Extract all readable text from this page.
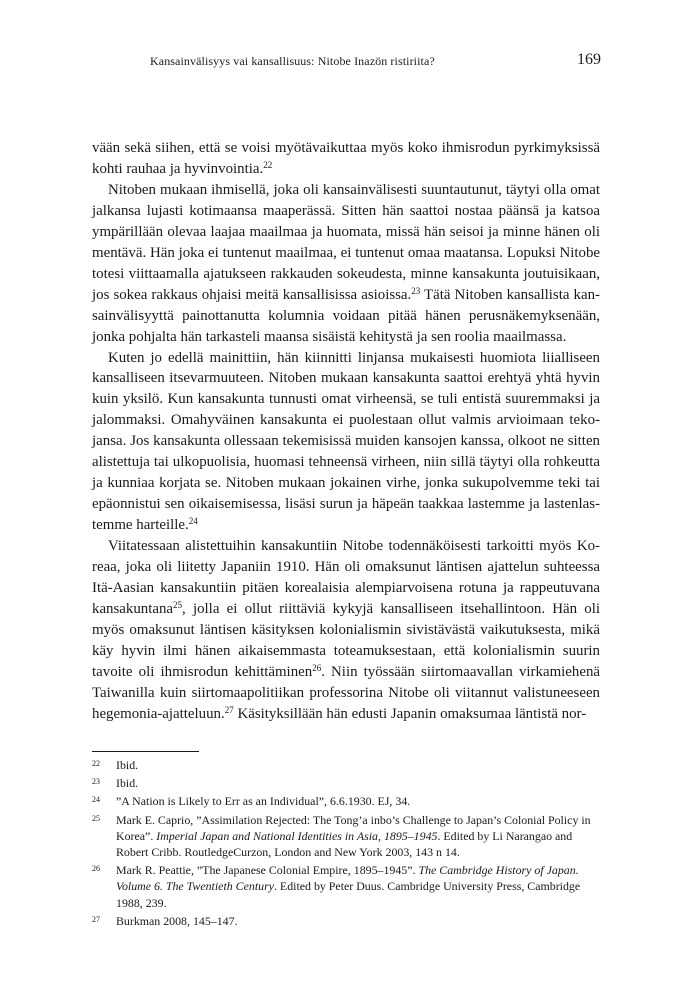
Kansainvälisyys vai kansallisuus: Nitobe Inazön ristiriita?	169

vään sekä siihen, että se voisi myötävaikuttaa myös koko ihmisrodun pyrkimyksissä kohti rauhaa ja hyvinvointia.$^{22}$

Nitoben mukaan ihmisellä, joka oli kansainvälisesti suuntautunut, täytyi olla omat jalkansa lujasti kotimaansa maaperässä. Sitten hän saattoi nostaa päänsä ja katsoa ympärillään olevaa laajaa maailmaa ja huomata, missä hän seisoi ja minne hänen oli mentävä. Hän joka ei tuntenut maailmaa, ei tuntenut omaa maatansa. Lopuksi Nitobe totesi viittaamalla ajatukseen rakkauden sokeudesta, minne kansakunta joutuisikaan, jos sokea rakkaus ohjaisi meitä kansallisissa asioissa.$^{23}$ Tätä Nitoben kansallista kansainvälisyyttä painottanutta kolumnia voidaan pitää hänen perusnäkemyksenään, jonka pohjalta hän tarkasteli maansa sisäistä kehitystä ja sen roolia maailmassa.

Kuten jo edellä mainittiin, hän kiinnitti linjansa mukaisesti huomiota liialliseen kansalliseen itsevarmuuteen. Nitoben mukaan kansakunta saattoi erehtyä yhtä hyvin kuin yksilö. Kun kansakunta tunnusti omat virheensä, se tuli entistä suuremmaksi ja jalommaksi. Omahyväinen kansakunta ei puolestaan ollut valmis arvioimaan tekojansa. Jos kansakunta ollessaan tekemisissä muiden kansojen kanssa, olkoot ne sitten alistettuja tai ulkopuolisia, huomasi tehneensä virheen, niin sillä täytyi olla rohkeutta ja kunniaa korjata se. Nitoben mukaan jokainen virhe, jonka sukupolvemme teki tai epäonnistui sen oikaisemisessa, lisäsi surun ja häpeän taakkaa lastemme ja lastenlastemme harteille.$^{24}$

Viitatessaan alistettuihin kansakuntiin Nitobe todennäköisesti tarkoitti myös Koreaa, joka oli liitetty Japaniin 1910. Hän oli omaksunut läntisen ajattelun suhteessa Itä-Aasian kansakuntiin pitäen korealaisia alempiarvoisena rotuna ja rappeutuvana kansakuntana$^{25}$, jolla ei ollut riittäviä kykyjä kansalliseen itsehallintoon. Hän oli myös omaksunut läntisen käsityksen kolonialismin sivistävästä vaikutuksesta, mikä käy hyvin ilmi hänen aikaisemmasta toteamuksestaan, että kolonialismin suurin tavoite oli ihmisrodun kehittäminen$^{26}$. Niin työssään siirtomaavallan virkamiehenä Taiwanilla kuin siirtomaapolitiikan professorina Nitobe oli viitannut valistuneeseen hegemonia-ajatteluun.$^{27}$ Käsityksillään hän edusti Japanin omaksumaa läntistä nor-

22 Ibid.
23 Ibid.
24 ”A Nation is Likely to Err as an Individual”, 6.6.1930. EJ, 34.
25 Mark E. Caprio, ”Assimilation Rejected: The Tong’a inbo’s Challenge to Japan’s Colonial Policy in Korea”. Imperial Japan and National Identities in Asia, 1895–1945. Edited by Li Narangao and Robert Cribb. RoutledgeCurzon, London and New York 2003, 143 n 14.
26 Mark R. Peattie, ”The Japanese Colonial Empire, 1895–1945”. The Cambridge History of Japan. Volume 6. The Twentieth Century. Edited by Peter Duus. Cambridge University Press, Cambridge 1988, 239.
27 Burkman 2008, 145–147.
